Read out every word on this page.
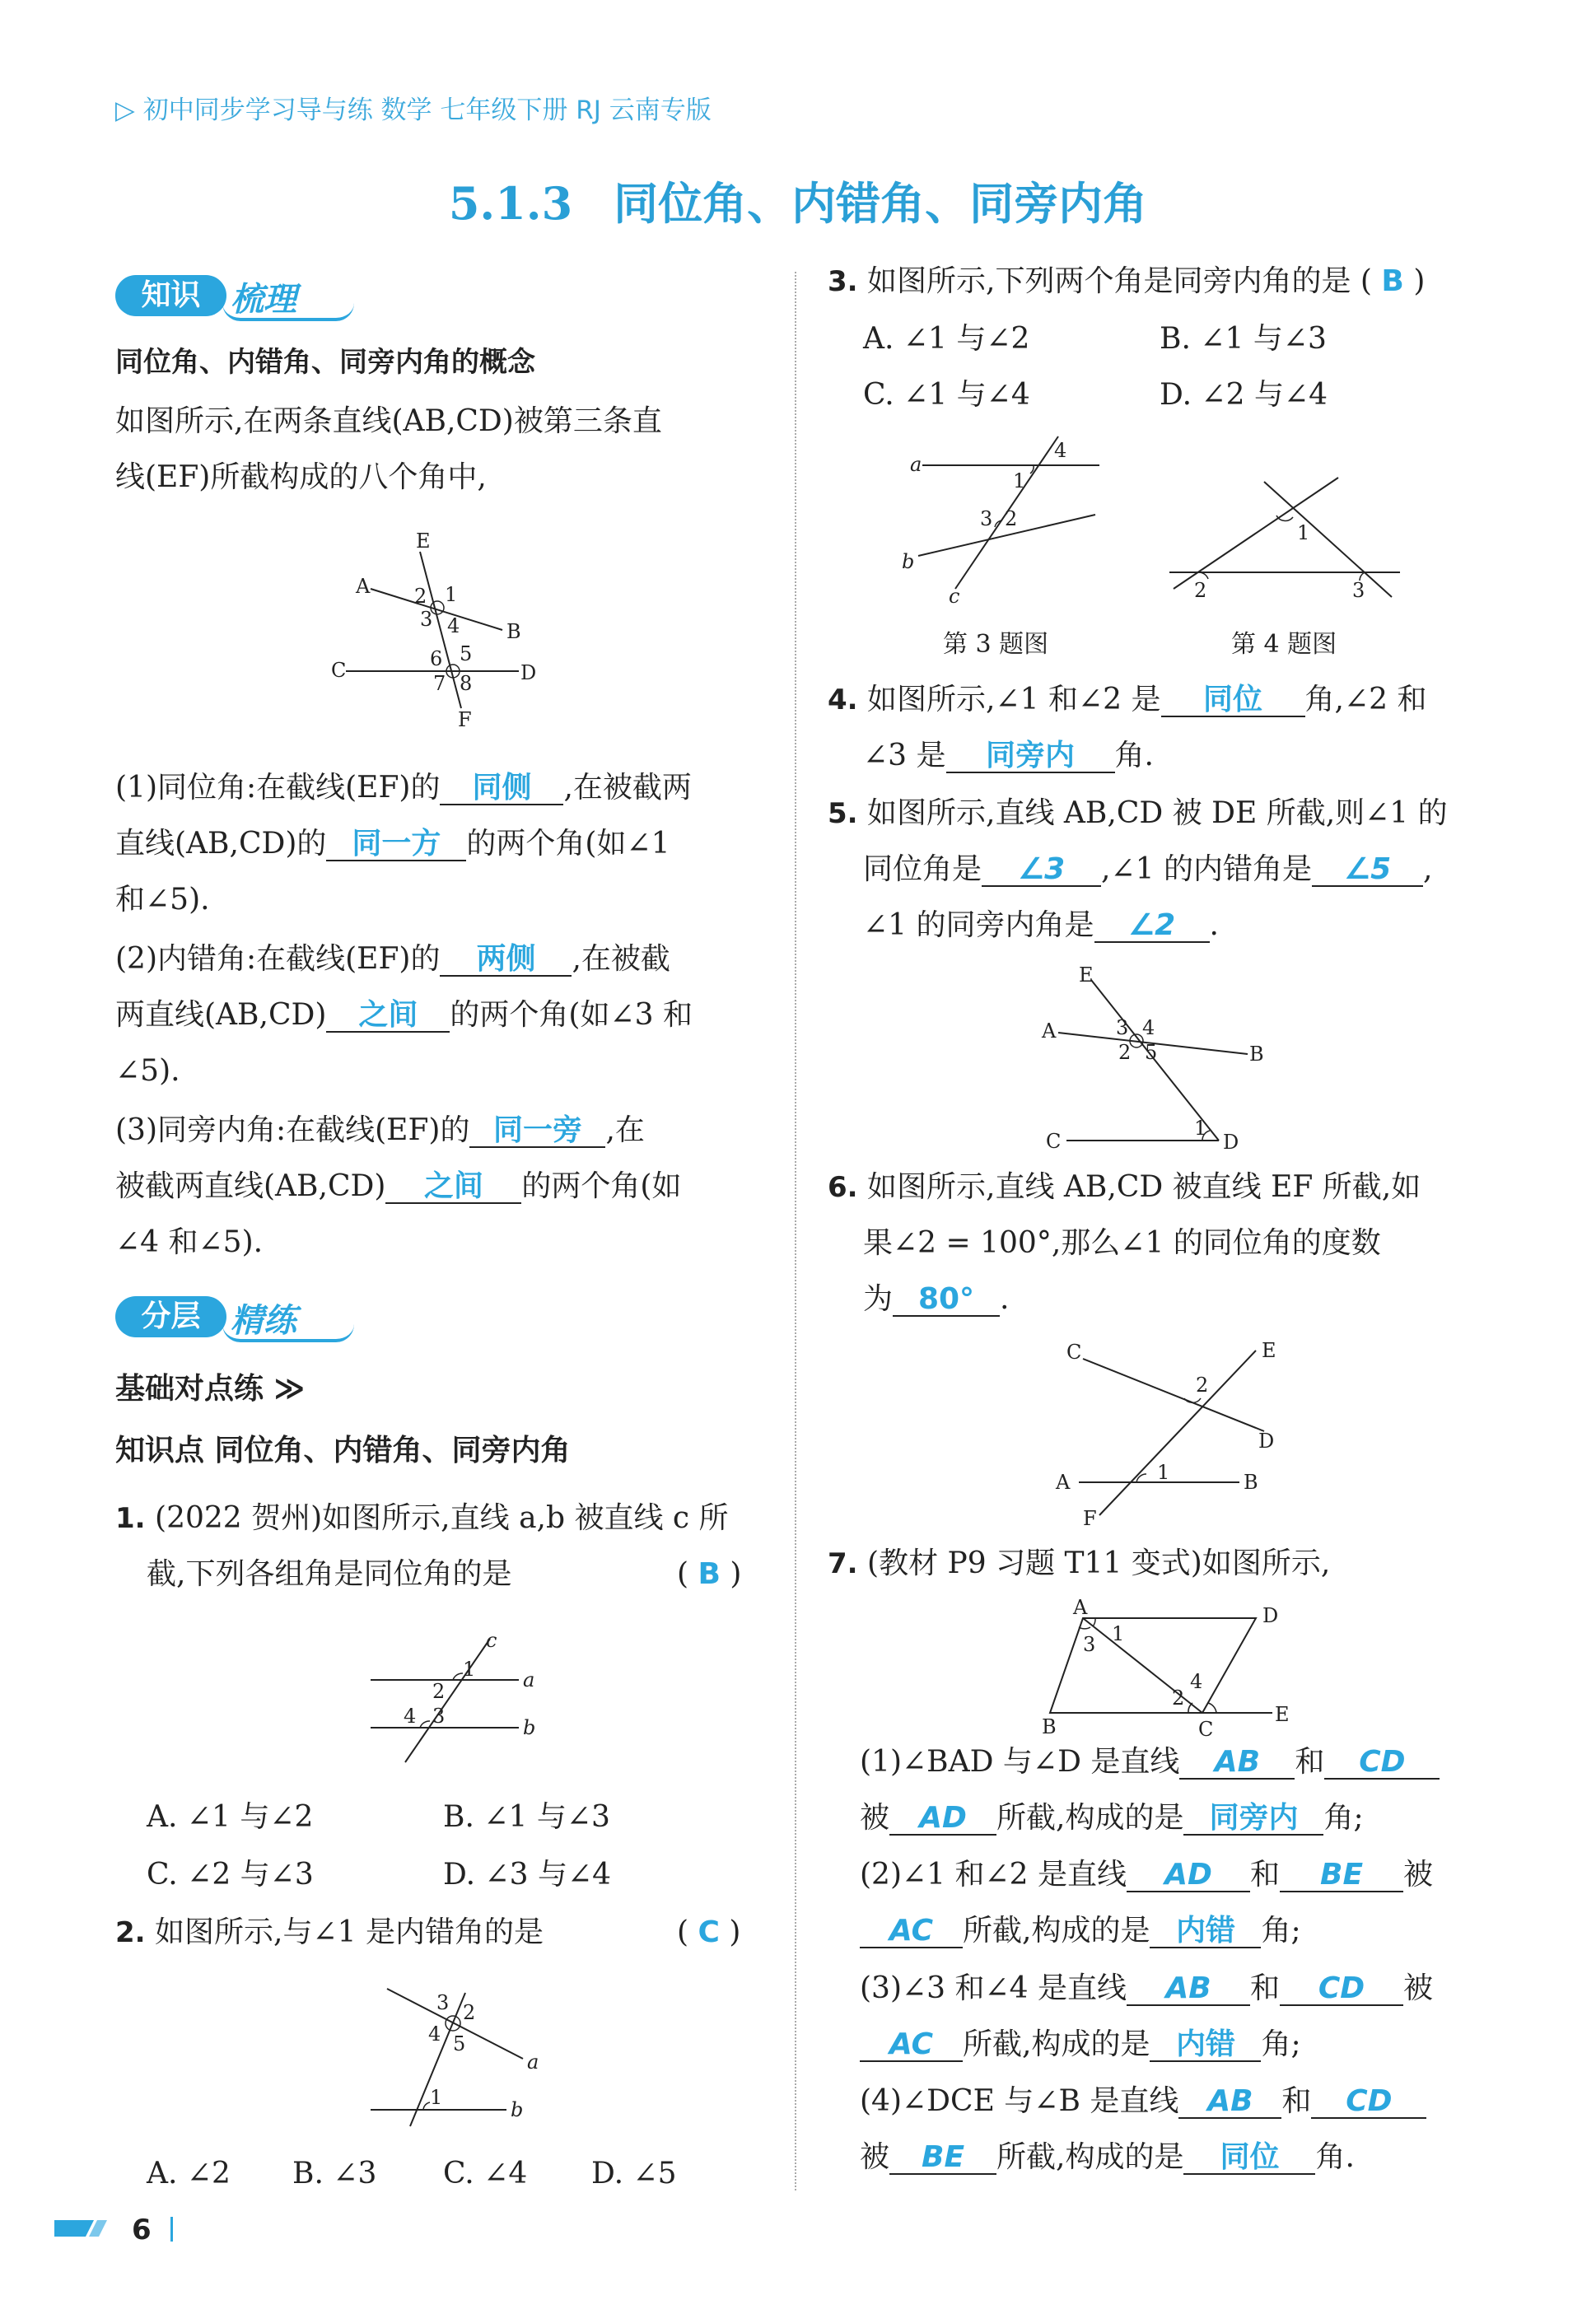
▷ 初中同步学习导与练 数学 七年级下册 RJ 云南专版
5.1.3 同位角、内错角、同旁内角
知识 梳理
同位角、内错角、同旁内角的概念
如图所示,在两条直线(AB,CD)被第三条直
线(EF)所截构成的八个角中,
E
A 2 1
3 4 B
C	6 5
7 8 D
F
(1)同位角:在截线(EF)的 同侧 ,在被截两
直线(AB,CD)的 同一方 的两个角(如∠1
和∠5).
(2)内错角:在截线(EF)的 两侧 ,在被截
两直线(AB,CD) 之间 的两个角(如∠3 和
∠5).
(3)同旁内角:在截线(EF)的 同一旁 ,在
被截两直线(AB,CD) 之间 的两个角(如
∠4 和∠5).
分层 精练
基础对点练 ≫
知识点 同位角、内错角、同旁内角
1. (2022 贺州)如图所示,直线 a,b 被直线 c 所
截,下列各组角是同位角的是	( B )
c
1 a
2
4 3	b
A. ∠1 与∠2	B. ∠1 与∠3
C. ∠2 与∠3	D. ∠3 与∠4
2. 如图所示,与∠1 是内错角的是	( C )
3 2
4 5
a
1
b
A. ∠2 B. ∠3 C. ∠4 D. ∠5
3. 如图所示,下列两个角是同旁内角的是 ( B )
A. ∠1 与∠2	B. ∠1 与∠3
C. ∠1 与∠4	D. ∠2 与∠4
a
4
1
3 2
b
c
1
2	3
第 3 题图	第 4 题图
4. 如图所示,∠1 和∠2 是 同位 角,∠2 和
∠3 是 同旁内 角.
5. 如图所示,直线 AB,CD 被 DE 所截,则∠1 的
同位角是 ∠3 ,∠1 的内错角是 ∠5 ,
∠1 的同旁内角是 ∠2 .
E
A	3 4
2 5	B
C
1
D
6. 如图所示,直线 AB,CD 被直线 EF 所截,如
果∠2 = 100°,那么∠1 的同位角的度数
为 80° .
C	E
2
D
A	1	B
F
7. (教材 P9 习题 T11 变式)如图所示,
A	D
1
3
2
4
B	C
E
(1)∠BAD 与∠D 是直线 AB 和 CD
被 AD 所截,构成的是 同旁内 角;
(2)∠1 和∠2 是直线 AD 和 BE 被
AC 所截,构成的是 内错 角;
(3)∠3 和∠4 是直线 AB 和 CD 被
AC 所截,构成的是 内错 角;
(4)∠DCE 与∠B 是直线 AB 和 CD
被 BE 所截,构成的是 同位 角.
6
